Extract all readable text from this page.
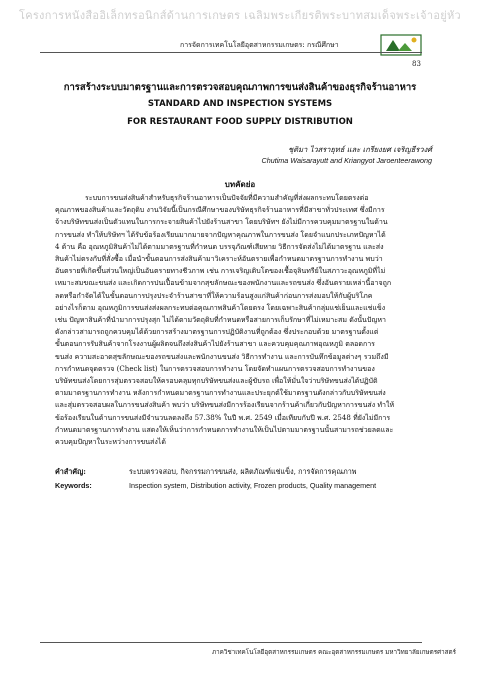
โครงการหนังสืออิเล็กทรอนิกส์ด้านการเกษตร เฉลิมพระเกียรติพระบาทสมเด็จพระเจ้าอยู่หัว
การจัดการเทคโนโลยีอุตสาหกรรมเกษตร: กรณีศึกษา
83
การสร้างระบบมาตรฐานและการตรวจสอบคุณภาพการขนส่งสินค้าของธุรกิจร้านอาหาร
STANDARD AND INSPECTION SYSTEMS
FOR RESTAURANT FOOD SUPPLY DISTRIBUTION
ชุติมา ไวสรายุทธ์ และ เกรียงยศ เจริญธีรวงศ์
Chutima Waisarayutt and Kriangyot Jaroenteerawong
บทคัดย่อ
ระบบการขนส่งสินค้าสำหรับธุรกิจร้านอาหารเป็นปัจจัยที่มีความสำคัญที่ส่งผลกระทบโดยตรงต่อ
คุณภาพของสินค้าและวัตถุดิบ งานวิจัยนี้เป็นกรณีศึกษาของบริษัทธุรกิจร้านอาหารที่มีสาขาทั่วประเทศ ซึ่งมีการ
จ้างบริษัทขนส่งเป็นตัวแทนในการกระจายสินค้าไปยังร้านสาขา โดยบริษัทฯ ยังไม่มีการควบคุมมาตรฐานในด้าน
การขนส่ง ทำให้บริษัทฯ ได้รับข้อร้องเรียนมากมายจากปัญหาคุณภาพในการขนส่ง โดยจำแนกประเภทปัญหาได้
4 ด้าน คือ อุณหภูมิสินค้าไม่ได้ตามมาตรฐานที่กำหนด บรรจุภัณฑ์เสียหาย วิธีการจัดส่งไม่ได้มาตรฐาน และส่ง
สินค้าไม่ตรงกับที่สั่งซื้อ เมื่อนำขั้นตอนการส่งสินค้ามาวิเคราะห์อันตรายเพื่อกำหนดมาตรฐานการทำงาน พบว่า
อันตรายที่เกิดขึ้นส่วนใหญ่เป็นอันตรายทางชีวภาพ เช่น การเจริญเติบโตของเชื้อจุลินทรีย์ในสภาวะอุณหภูมิที่ไม่
เหมาะสมขณะขนส่ง และเกิดการปนเปื้อนข้ามจากสุขลักษณะของพนักงานและรถขนส่ง ซึ่งอันตรายเหล่านี้อาจถูก
ลดหรือกำจัดได้ในขั้นตอนการปรุงประจำร้านสาขาที่ให้ความร้อนสูงแก่สินค้าก่อนการส่งมอบให้กับผู้บริโภค
อย่างไรก็ตาม อุณหภูมิการขนส่งส่งผลกระทบต่อคุณภาพสินค้าโดยตรง โดยเฉพาะสินค้ากลุ่มแช่เย็นและแช่แข็ง
เช่น ปัญหาสินค้าที่นำมาการปรุงสุก ไม่ได้ตามวัตถุดิบที่กำหนดหรือสายการเก็บรักษาที่ไม่เหมาะสม ดังนั้นปัญหา
ดังกล่าวสามารถถูกควบคุมได้ด้วยการสร้างมาตรฐานการปฏิบัติงานที่ถูกต้อง ซึ่งประกอบด้วย มาตรฐานตั้งแต่
ขั้นตอนการรับสินค้าจากโรงงานผู้ผลิตจนถึงส่งสินค้าไปยังร้านสาขา และควบคุมคุณภาพอุณหภูมิ ตลอดการ
ขนส่ง ความสะอาดสุขลักษณะของรถขนส่งและพนักงานขนส่ง วิธีการทำงาน และการบันทึกข้อมูลต่างๆ รวมถึงมี
การกำหนดจุดตรวจ (Check list) ในการตรวจสอบการทำงาน โดยจัดทำแผนการตรวจสอบการทำงานของ
บริษัทขนส่งโดยการสุ่มตรวจสอบให้ครอบคลุมทุกบริษัทขนส่งและผู้ขับรถ เพื่อให้มั่นใจว่าบริษัทขนส่งได้ปฏิบัติ
ตามมาตรฐานการทำงาน หลังการกำหนดมาตรฐานการทำงานและประยุกต์ใช้มาตรฐานดังกล่าวกับบริษัทขนส่ง
และสุ่มตรวจสอบผลในการขนส่งสินค้า พบว่า บริษัทขนส่งมีการร้องเรียนจากร้านค้าเกี่ยวกับปัญหาการขนส่ง ทำให้
ข้อร้องเรียนในด้านการขนส่งมีจำนวนลดลงถึง 57.38% ในปี พ.ศ. 2549 เมื่อเทียบกับปี พ.ศ. 2548 ที่ยังไม่มีการ
กำหนดมาตรฐานการทำงาน แสดงให้เห็นว่าการกำหนดการทำงานให้เป็นไปตามมาตรฐานนั้นสามารถช่วยลดและ
ควบคุมปัญหาในระหว่างการขนส่งได้
คำสำคัญ:	ระบบตรวจสอบ, กิจกรรมการขนส่ง, ผลิตภัณฑ์แช่แข็ง, การจัดการคุณภาพ
Keywords:	Inspection system, Distribution activity, Frozen products, Quality management
ภาควิชาเทคโนโลยีอุตสาหกรรมเกษตร คณะอุตสาหกรรมเกษตร มหาวิทยาลัยเกษตรศาสตร์
